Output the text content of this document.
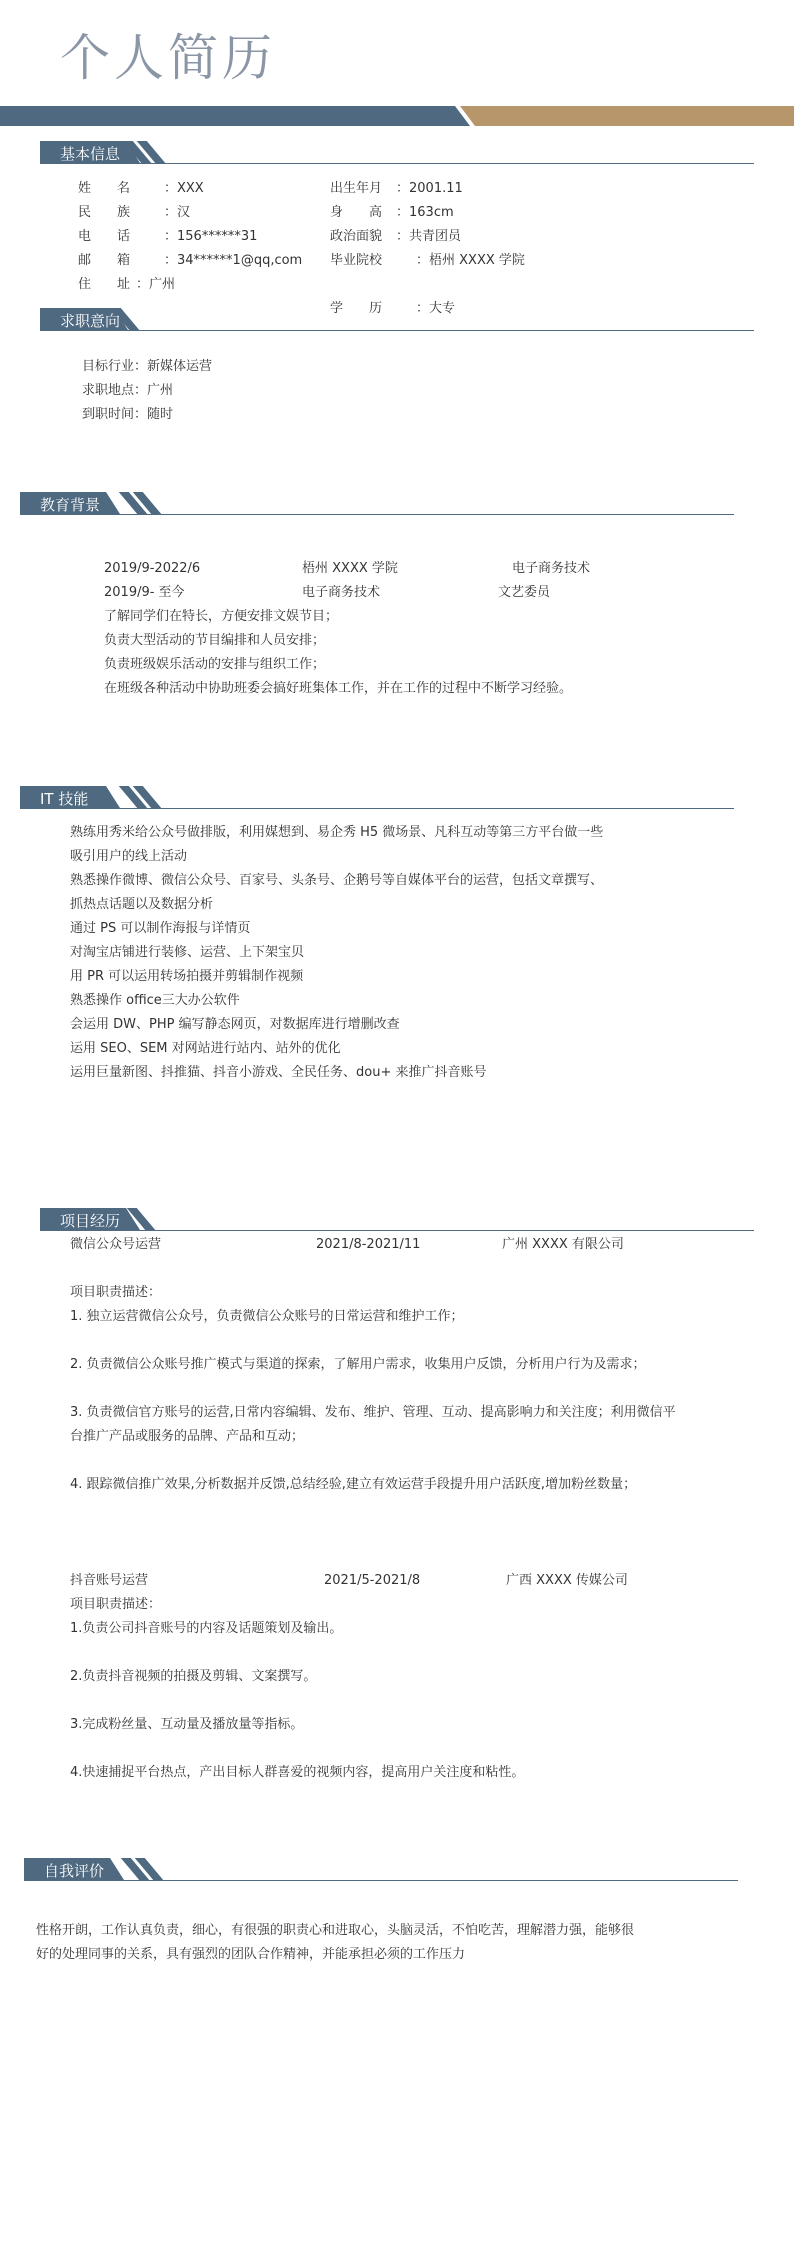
个人简历
基本信息
姓　　名	：XXX
民　　族	：汉
电　　话	：156******31
邮　　箱	：34******1@qq,com
住　　址 ：广州
出生年月 ：2001.11
身　　高 ：163cm
政治面貌 ：共青团员
毕业院校	：梧州 XXXX 学院
学　　历	：大专
求职意向
目标行业：新媒体运营
求职地点：广州
到职时间：随时
教育背景
2019/9-2022/6	梧州 XXXX 学院	电子商务技术
2019/9- 至今	电子商务技术	文艺委员
了解同学们在特长，方便安排文娱节目；
负责大型活动的节目编排和人员安排；
负责班级娱乐活动的安排与组织工作；
在班级各种活动中协助班委会搞好班集体工作，并在工作的过程中不断学习经验。
IT 技能
熟练用秀米给公众号做排版，利用媒想到、易企秀 H5 微场景、凡科互动等第三方平台做一些
吸引用户的线上活动
熟悉操作微博、微信公众号、百家号、头条号、企鹅号等自媒体平台的运营，包括文章撰写、
抓热点话题以及数据分析
通过 PS 可以制作海报与详情页
对淘宝店铺进行装修、运营、上下架宝贝
用 PR 可以运用转场拍摄并剪辑制作视频
熟悉操作 office三大办公软件
会运用 DW、PHP 编写静态网页，对数据库进行增删改查
运用 SEO、SEM 对网站进行站内、站外的优化
运用巨量新图、抖推猫、抖音小游戏、全民任务、dou+ 来推广抖音账号
项目经历
微信公众号运营	2021/8-2021/11	广州 XXXX 有限公司
项目职责描述：
1. 独立运营微信公众号，负责微信公众账号的日常运营和维护工作；
2. 负责微信公众账号推广模式与渠道的探索，了解用户需求，收集用户反馈，分析用户行为及需求；
3. 负责微信官方账号的运营,日常内容编辑、发布、维护、管理、互动、提高影响力和关注度；利用微信平
台推广产品或服务的品牌、产品和互动；
4. 跟踪微信推广效果,分析数据并反馈,总结经验,建立有效运营手段提升用户活跃度,增加粉丝数量；
抖音账号运营	2021/5-2021/8	广西 XXXX 传媒公司
项目职责描述：
1.负责公司抖音账号的内容及话题策划及输出。
2.负责抖音视频的拍摄及剪辑、文案撰写。
3.完成粉丝量、互动量及播放量等指标。
4.快速捕捉平台热点，产出目标人群喜爱的视频内容，提高用户关注度和粘性。
自我评价
性格开朗，工作认真负责，细心，有很强的职责心和进取心，头脑灵活，不怕吃苦，理解潜力强，能够很
好的处理同事的关系，具有强烈的团队合作精神，并能承担必须的工作压力
